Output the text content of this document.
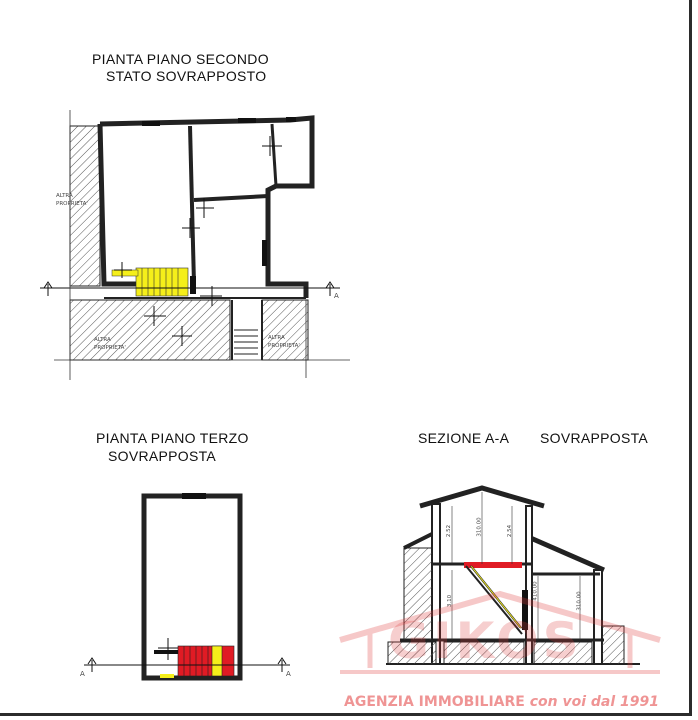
PIANTA PIANO SECONDO
STATO SOVRAPPOSTO
PIANTA PIANO TERZO
SOVRAPPOSTA
SEZIONE A-A SOVRAPPOSTA
ALTRA PROPRIETA'
ALTRA PROPRIETA'
ALTRA PROPRIETA'
A
A	A
2.52	310.00	2.54
3.10
410.00
310.00
GIKOS
AGENZIA IMMOBILIARE con voi dal 1991
